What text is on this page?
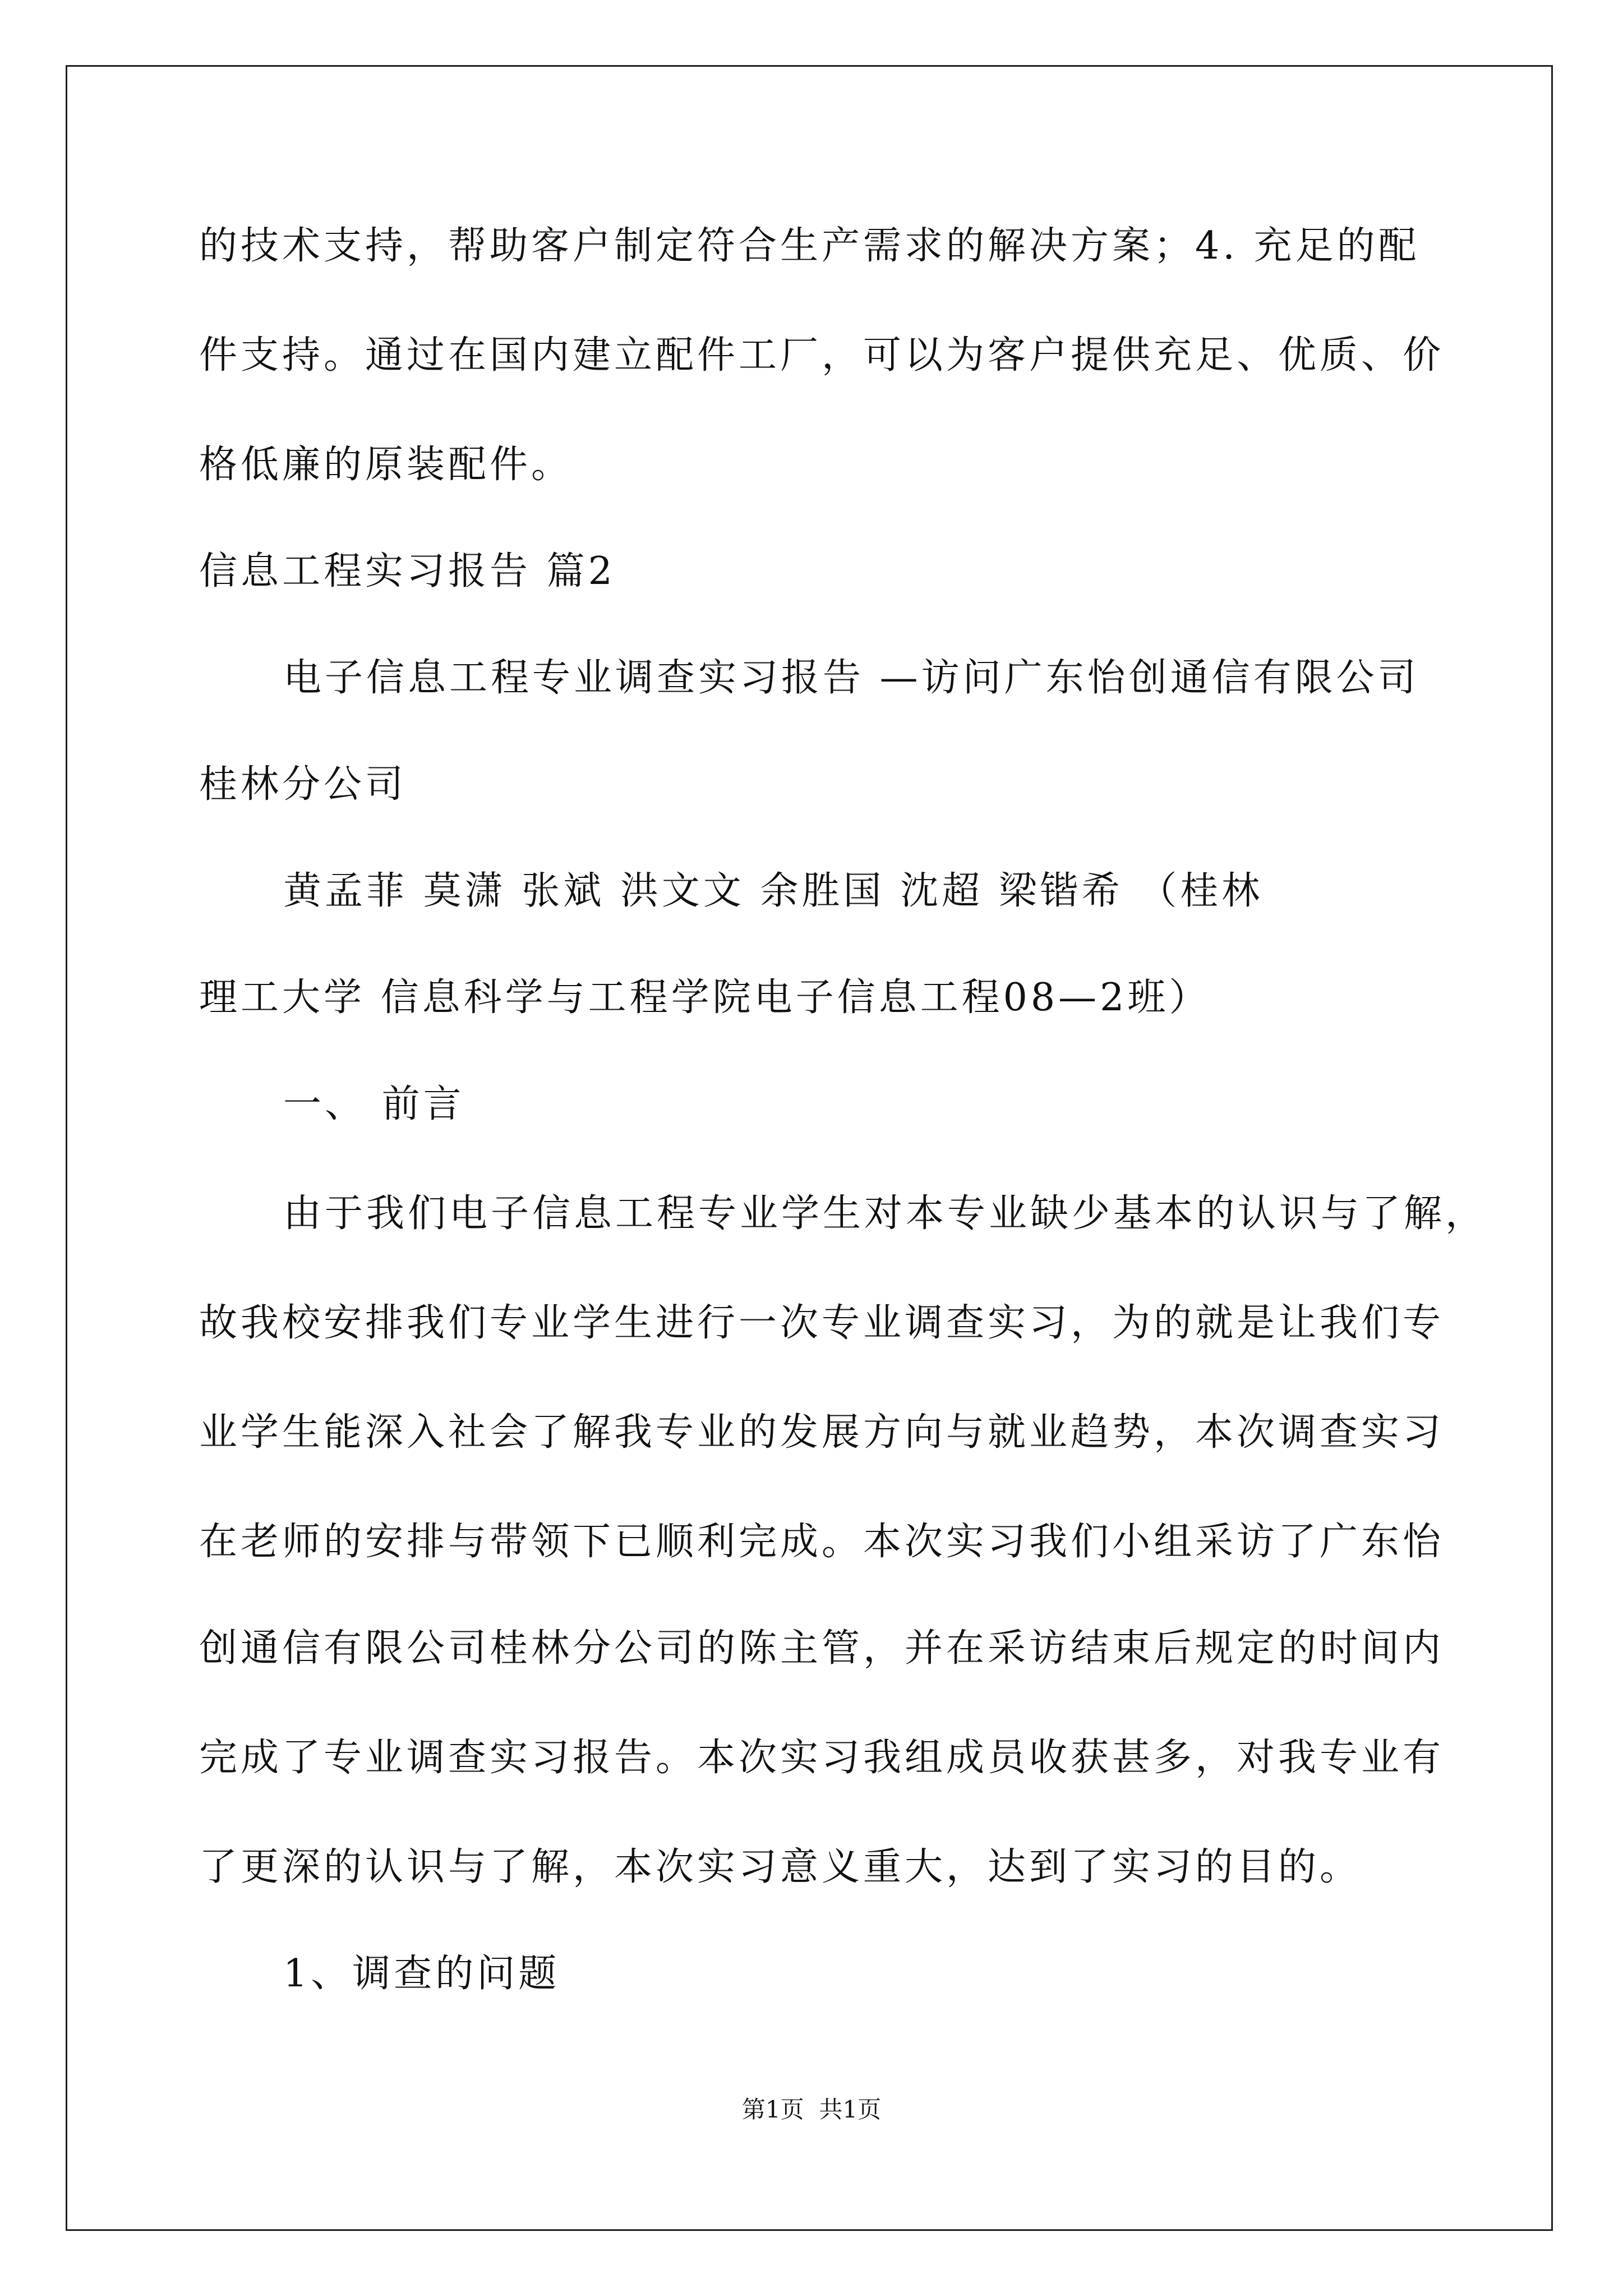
的技术支持，帮助客户制定符合生产需求的解决方案；4. 充足的配
件支持。通过在国内建立配件工厂，可以为客户提供充足、优质、价
格低廉的原装配件。
信息工程实习报告 篇2
电子信息工程专业调查实习报告 —访问广东怡创通信有限公司
桂林分公司
黄孟菲 莫潇 张斌 洪文文 余胜国 沈超 梁锴希 （桂林
理工大学 信息科学与工程学院电子信息工程08—2班）
一、 前言
由于我们电子信息工程专业学生对本专业缺少基本的认识与了解，
故我校安排我们专业学生进行一次专业调查实习，为的就是让我们专
业学生能深入社会了解我专业的发展方向与就业趋势，本次调查实习
在老师的安排与带领下已顺利完成。本次实习我们小组采访了广东怡
创通信有限公司桂林分公司的陈主管，并在采访结束后规定的时间内
完成了专业调查实习报告。本次实习我组成员收获甚多，对我专业有
了更深的认识与了解，本次实习意义重大，达到了实习的目的。
1、调查的问题
第1页  共1页
